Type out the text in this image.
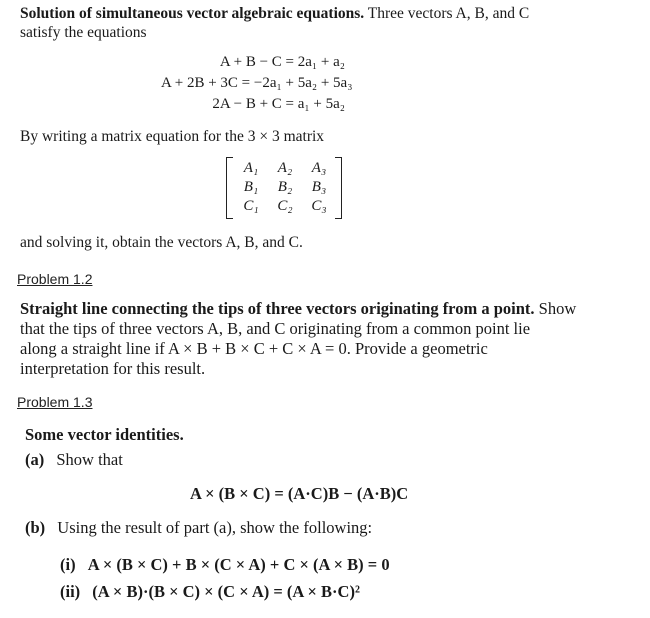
Solution of simultaneous vector algebraic equations. Three vectors A, B, and C
satisfy the equations
A + B − C = 2a₁ + a₂
A + 2B + 3C = −2a₁ + 5a₂ + 5a₃
2A − B + C = a₁ + 5a₂
By writing a matrix equation for the 3 × 3 matrix
A₁	A₂	A₃
B₁	B₂	B₃
C₁	C₂	C₃
and solving it, obtain the vectors A, B, and C.
Problem 1.2
Straight line connecting the tips of three vectors originating from a point. Show
that the tips of three vectors A, B, and C originating from a common point lie
along a straight line if A × B + B × C + C × A = 0. Provide a geometric
interpretation for this result.
Problem 1.3
Some vector identities.
(a) Show that
A × (B × C) = (A·C)B − (A·B)C
(b) Using the result of part (a), show the following:
(i) A × (B × C) + B × (C × A) + C × (A × B) = 0
(ii) (A × B)·(B × C) × (C × A) = (A × B·C)²
